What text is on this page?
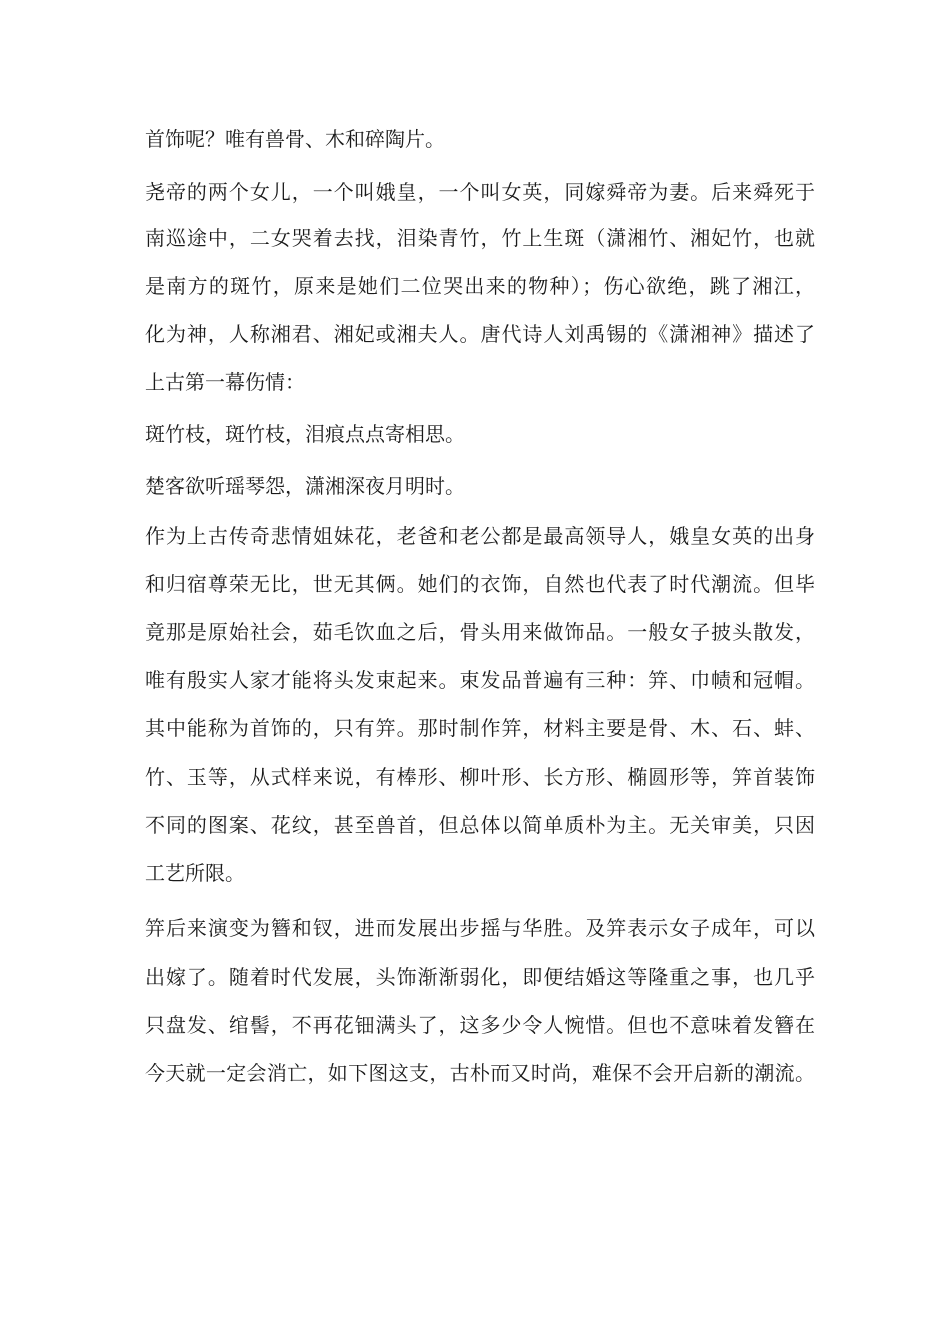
首饰呢？唯有兽骨、木和碎陶片。
尧帝的两个女儿，一个叫娥皇，一个叫女英，同嫁舜帝为妻。后来舜死于
南巡途中，二女哭着去找，泪染青竹，竹上生斑（潇湘竹、湘妃竹，也就
是南方的斑竹，原来是她们二位哭出来的物种）；伤心欲绝，跳了湘江，
化为神，人称湘君、湘妃或湘夫人。唐代诗人刘禹锡的《潇湘神》描述了
上古第一幕伤情：
斑竹枝，斑竹枝，泪痕点点寄相思。
楚客欲听瑶琴怨，潇湘深夜月明时。
作为上古传奇悲情姐妹花，老爸和老公都是最高领导人，娥皇女英的出身
和归宿尊荣无比，世无其俩。她们的衣饰，自然也代表了时代潮流。但毕
竟那是原始社会，茹毛饮血之后，骨头用来做饰品。一般女子披头散发，
唯有殷实人家才能将头发束起来。束发品普遍有三种：笄、巾帻和冠帽。
其中能称为首饰的，只有笄。那时制作笄，材料主要是骨、木、石、蚌、
竹、玉等，从式样来说，有棒形、柳叶形、长方形、椭圆形等，笄首装饰
不同的图案、花纹，甚至兽首，但总体以简单质朴为主。无关审美，只因
工艺所限。
笄后来演变为簪和钗，进而发展出步摇与华胜。及笄表示女子成年，可以
出嫁了。随着时代发展，头饰渐渐弱化，即便结婚这等隆重之事，也几乎
只盘发、绾髻，不再花钿满头了，这多少令人惋惜。但也不意味着发簪在
今天就一定会消亡，如下图这支，古朴而又时尚，难保不会开启新的潮流。
